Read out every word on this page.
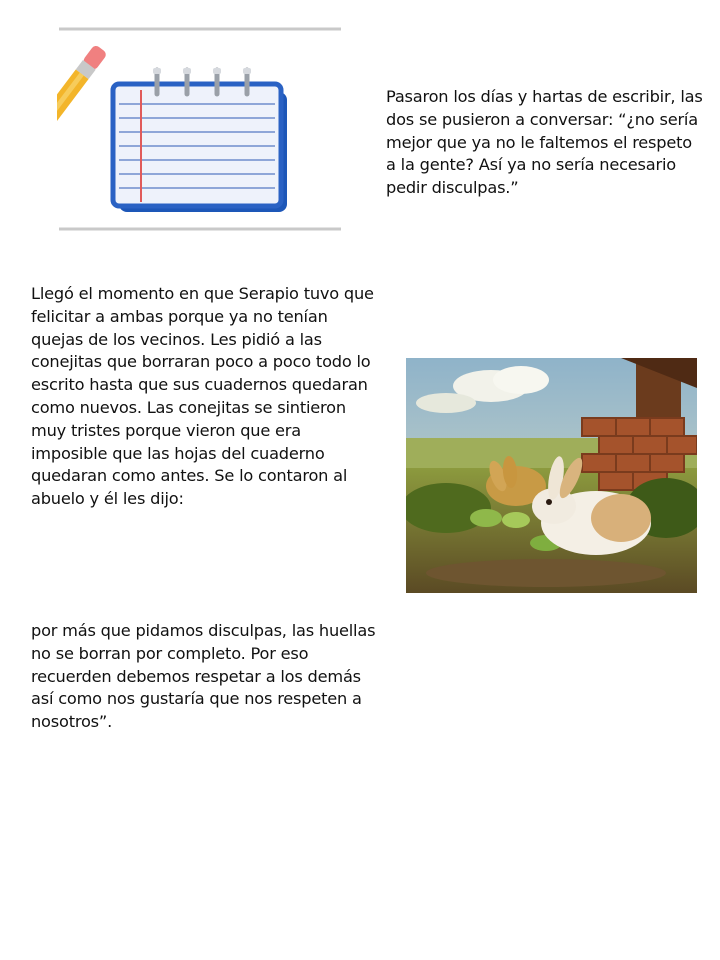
Pasaron los días y hartas de escribir, las dos se pusieron a conversar: “¿no sería mejor que ya no le faltemos el respeto a la gente? Así ya no sería necesario pedir disculpas.”

Llegó el momento en que Serapio tuvo que felicitar a ambas porque ya no tenían quejas de los vecinos. Les pidió a las conejitas que borraran poco a poco todo lo escrito hasta que sus cuadernos quedaran como nuevos. Las conejitas se sintieron muy tristes porque vieron que era imposible que las hojas del cuaderno quedaran como antes. Se lo contaron al abuelo y él les dijo:

por más que pidamos disculpas, las huellas no se borran por completo. Por eso recuerden debemos respetar a los demás así como nos gustaría que nos respeten a nosotros”.
